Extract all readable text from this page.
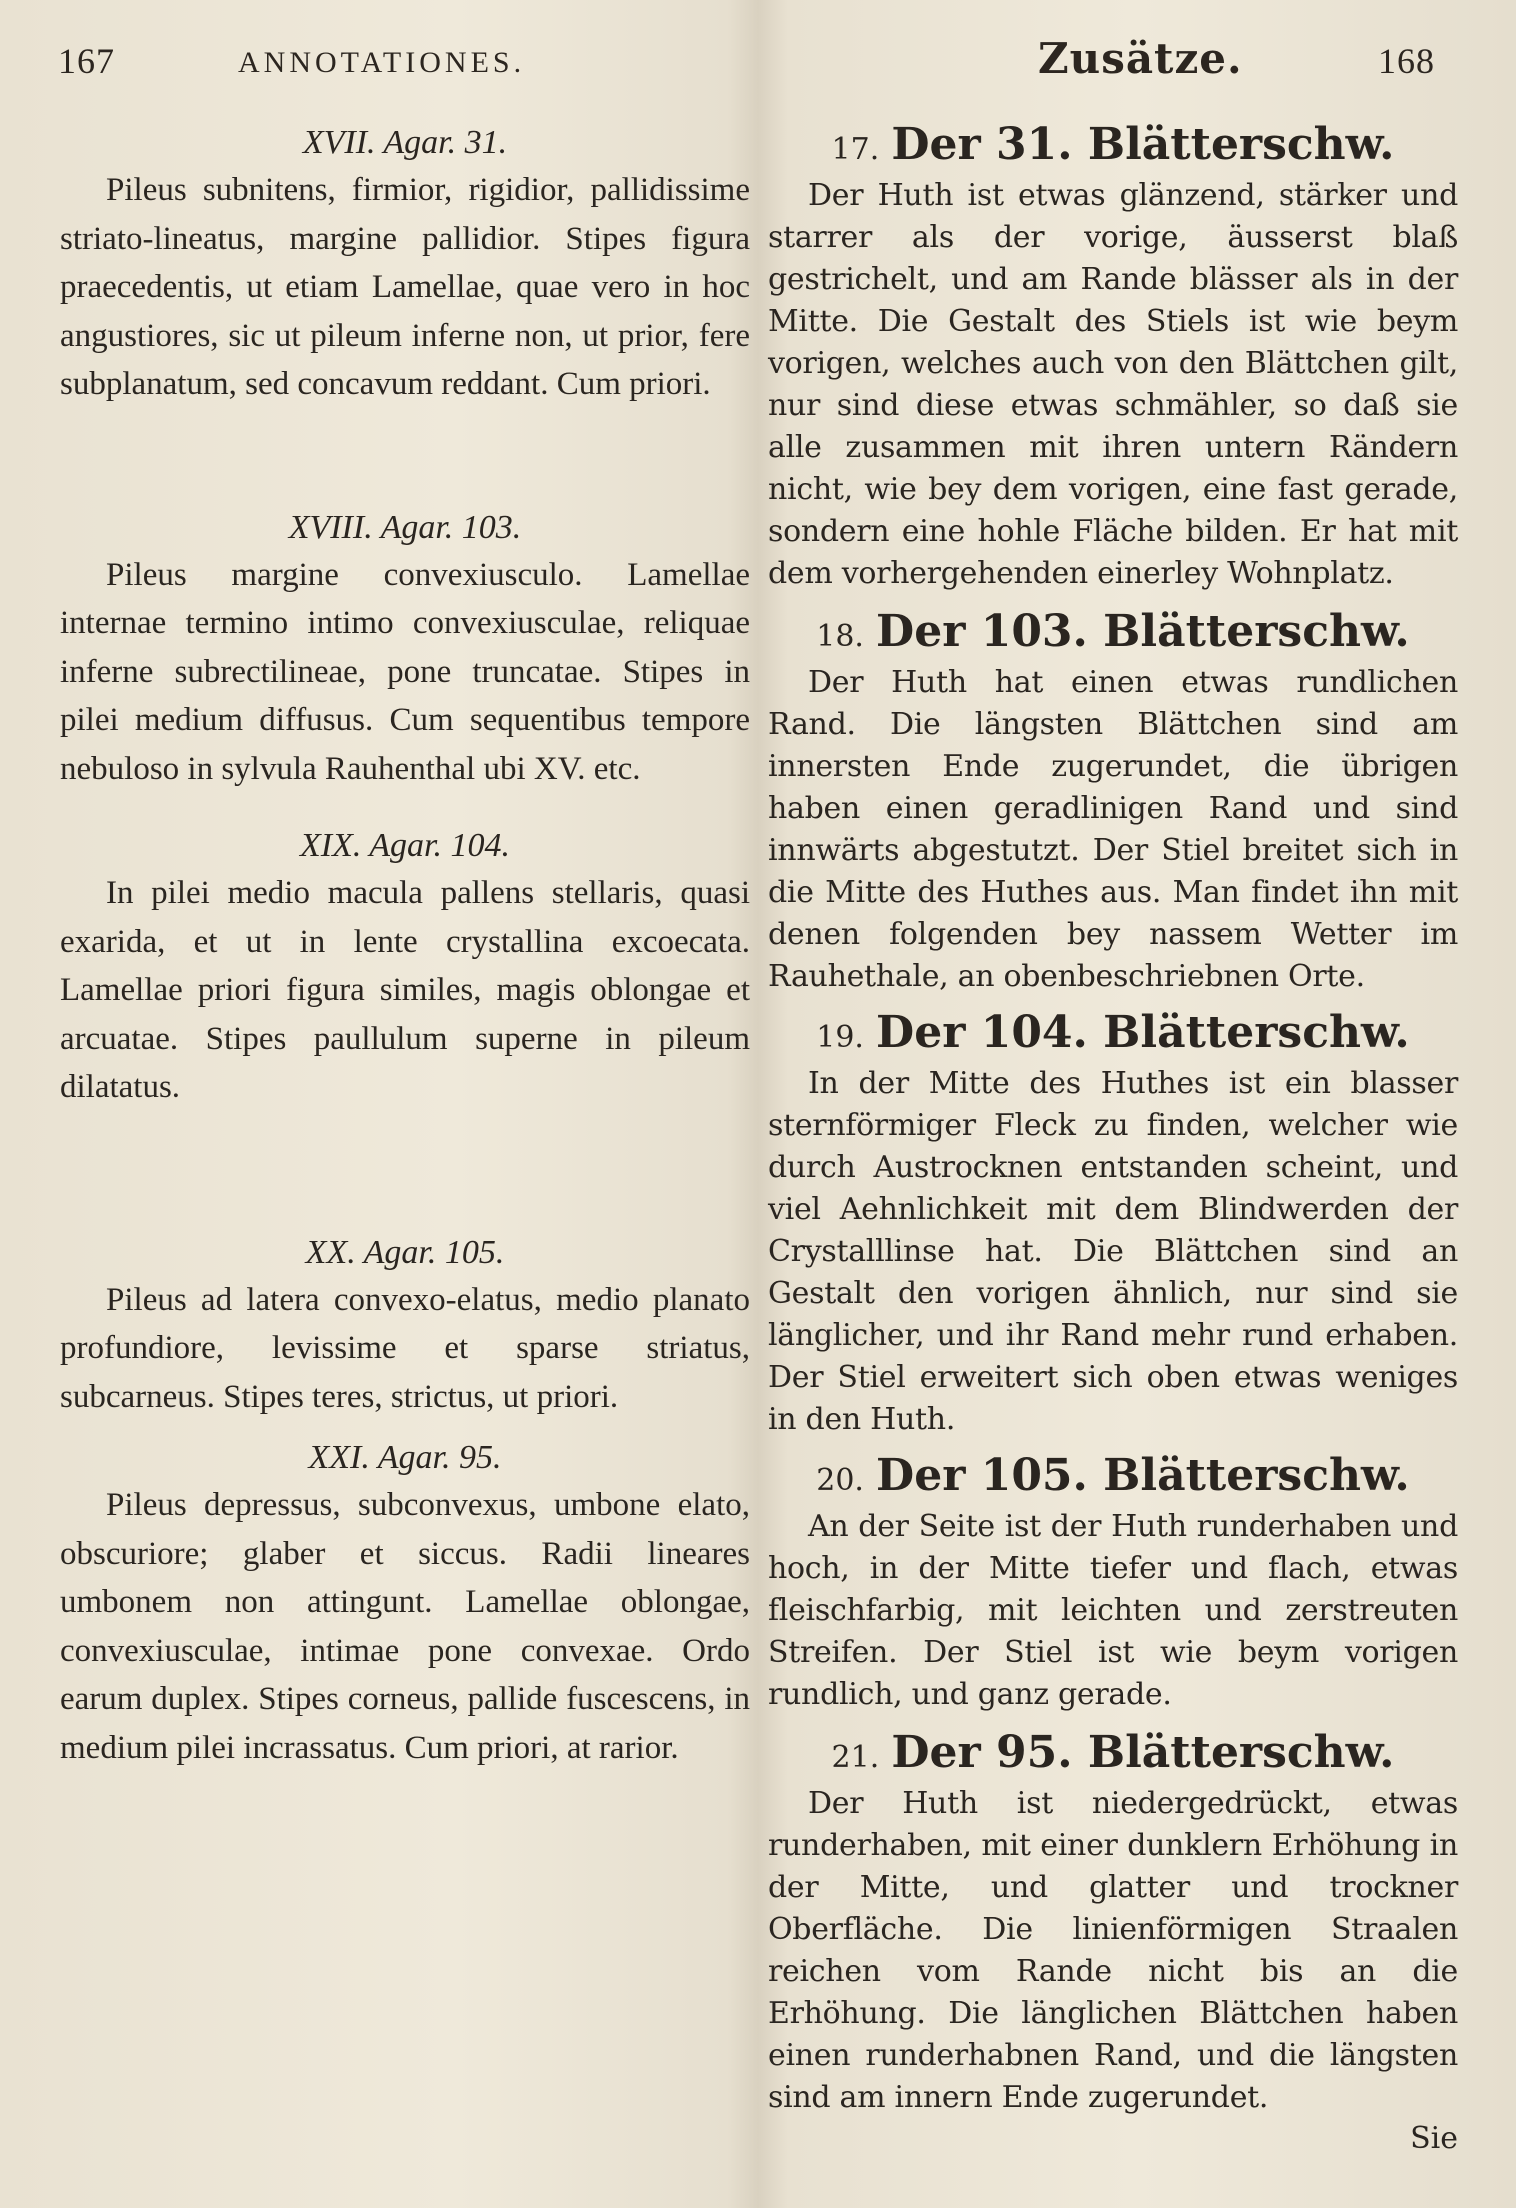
167	ANNOTATIONES.

XVII. Agar. 31.

Pileus subnitens, firmior, rigidior, pallidissime striato-lineatus, margine pallidior. Stipes figura praecedentis, ut etiam Lamellae, quae vero in hoc angustiores, sic ut pileum inferne non, ut prior, fere subplanatum, sed concavum reddant. Cum priori.

XVIII. Agar. 103.

Pileus margine convexiusculo. Lamellae internae termino intimo convexiusculae, reliquae inferne subrectilineae, pone truncatae. Stipes in pilei medium diffusus. Cum sequentibus tempore nebuloso in sylvula Rauhenthal ubi XV. etc.

XIX. Agar. 104.

In pilei medio macula pallens stellaris, quasi exarida, et ut in lente crystallina excoecata. Lamellae priori figura similes, magis oblongae et arcuatae. Stipes paullulum superne in pileum dilatatus.

XX. Agar. 105.

Pileus ad latera convexo-elatus, medio planato profundiore, levissime et sparse striatus, subcarneus. Stipes teres, strictus, ut priori.

XXI. Agar. 95.

Pileus depressus, subconvexus, umbone elato, obscuriore; glaber et siccus. Radii lineares umbonem non attingunt. Lamellae oblongae, convexiusculae, intimae pone convexae. Ordo earum duplex. Stipes corneus, pallide fuscescens, in medium pilei incrassatus. Cum priori, at rarior.

Zusätze.	168

17. Der 31. Blätterschw.

Der Huth ist etwas glänzend, stärker und starrer als der vorige, äusserst blaß gestrichelt, und am Rande blässer als in der Mitte. Die Gestalt des Stiels ist wie beym vorigen, welches auch von den Blättchen gilt, nur sind diese etwas schmähler, so daß sie alle zusammen mit ihren untern Rändern nicht, wie bey dem vorigen, eine fast gerade, sondern eine hohle Fläche bilden. Er hat mit dem vorhergehenden einerley Wohnplatz.

18. Der 103. Blätterschw.

Der Huth hat einen etwas rundlichen Rand. Die längsten Blättchen sind am innersten Ende zugerundet, die übrigen haben einen geradlinigen Rand und sind innwärts abgestutzt. Der Stiel breitet sich in die Mitte des Huthes aus. Man findet ihn mit denen folgenden bey nassem Wetter im Rauhethale, an obenbeschriebnen Orte.

19. Der 104. Blätterschw.

In der Mitte des Huthes ist ein blasser sternförmiger Fleck zu finden, welcher wie durch Austrocknen entstanden scheint, und viel Aehnlichkeit mit dem Blindwerden der Crystalllinse hat. Die Blättchen sind an Gestalt den vorigen ähnlich, nur sind sie länglicher, und ihr Rand mehr rund erhaben. Der Stiel erweitert sich oben etwas weniges in den Huth.

20. Der 105. Blätterschw.

An der Seite ist der Huth runderhaben und hoch, in der Mitte tiefer und flach, etwas fleischfarbig, mit leichten und zerstreuten Streifen. Der Stiel ist wie beym vorigen rundlich, und ganz gerade.

21. Der 95. Blätterschw.

Der Huth ist niedergedrückt, etwas runderhaben, mit einer dunklern Erhöhung in der Mitte, und glatter und trockner Oberfläche. Die linienförmigen Straalen reichen vom Rande nicht bis an die Erhöhung. Die länglichen Blättchen haben einen runderhabnen Rand, und die längsten sind am innern Ende zugerundet.

Sie
